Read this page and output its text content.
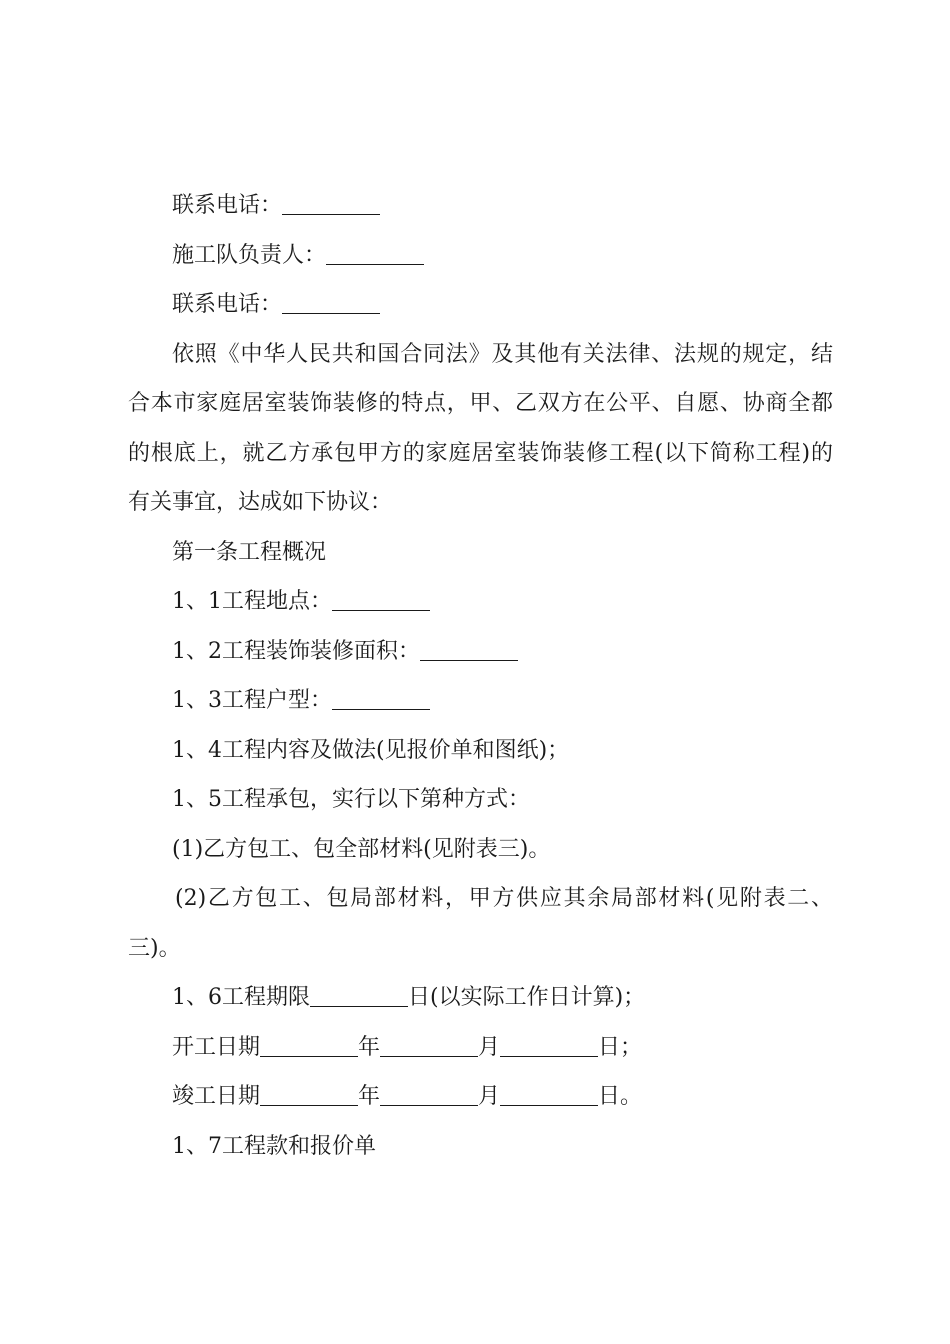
联系电话：

施工队负责人：

联系电话：

依照《中华人民共和国合同法》及其他有关法律、法规的规定，结

合本市家庭居室装饰装修的特点，甲、乙双方在公平、自愿、协商全都

的根底上，就乙方承包甲方的家庭居室装饰装修工程(以下简称工程)的

有关事宜，达成如下协议：

第一条工程概况

1、1工程地点：

1、2工程装饰装修面积：

1、3工程户型：

1、4工程内容及做法(见报价单和图纸)；

1、5工程承包，实行以下第种方式：

(1)乙方包工、包全部材料(见附表三)。

(2)乙方包工、包局部材料，甲方供应其余局部材料(见附表二、

三)。

1、6工程期限	日(以实际工作日计算)；

开工日期	年	月	日；

竣工日期	年	月	日。

1、7工程款和报价单
